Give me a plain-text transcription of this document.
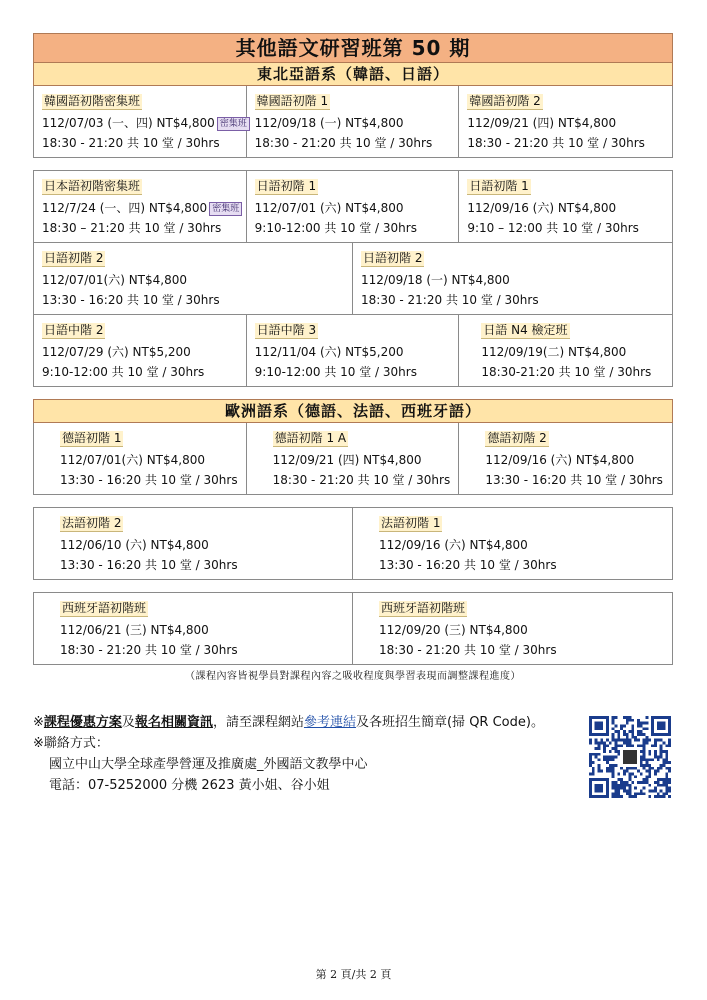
其他語文研習班第 50 期
東北亞語系（韓語、日語）
韓國語初階密集班
112/07/03 (一、四) NT$4,800 密集班
18:30 - 21:20 共 10 堂 / 30hrs
韓國語初階 1
112/09/18 (一) NT$4,800
18:30 - 21:20 共 10 堂 / 30hrs
韓國語初階 2
112/09/21 (四) NT$4,800
18:30 - 21:20 共 10 堂 / 30hrs
日本語初階密集班
112/7/24 (一、四) NT$4,800 密集班
18:30 – 21:20 共 10 堂 / 30hrs
日語初階 1
112/07/01 (六) NT$4,800
9:10-12:00 共 10 堂 / 30hrs
日語初階 1
112/09/16 (六) NT$4,800
9:10 – 12:00 共 10 堂 / 30hrs
日語初階 2
112/07/01(六) NT$4,800
13:30 - 16:20 共 10 堂 / 30hrs
日語初階 2
112/09/18 (一) NT$4,800
18:30 - 21:20 共 10 堂 / 30hrs
日語中階 2
112/07/29 (六) NT$5,200
9:10-12:00 共 10 堂 / 30hrs
日語中階 3
112/11/04 (六) NT$5,200
9:10-12:00 共 10 堂 / 30hrs
日語 N4 檢定班
112/09/19(二) NT$4,800
18:30-21:20 共 10 堂 / 30hrs
歐洲語系（德語、法語、西班牙語）
德語初階 1
112/07/01(六) NT$4,800
13:30 - 16:20 共 10 堂 / 30hrs
德語初階 1 A
112/09/21 (四) NT$4,800
18:30 - 21:20 共 10 堂 / 30hrs
德語初階 2
112/09/16 (六) NT$4,800
13:30 - 16:20 共 10 堂 / 30hrs
法語初階 2
112/06/10 (六) NT$4,800
13:30 - 16:20 共 10 堂 / 30hrs
法語初階 1
112/09/16 (六) NT$4,800
13:30 - 16:20 共 10 堂 / 30hrs
西班牙語初階班
112/06/21 (三) NT$4,800
18:30 - 21:20 共 10 堂 / 30hrs
西班牙語初階班
112/09/20 (三) NT$4,800
18:30 - 21:20 共 10 堂 / 30hrs
（課程內容皆視學員對課程內容之吸收程度與學習表現而調整課程進度）
※課程優惠方案及報名相關資訊，請至課程網站參考連結及各班招生簡章(掃 QR Code)。
※聯絡方式：
國立中山大學全球產學營運及推廣處_外國語文教學中心
電話：07-5252000 分機 2623 黃小姐、谷小姐
第 2 頁/共 2 頁
